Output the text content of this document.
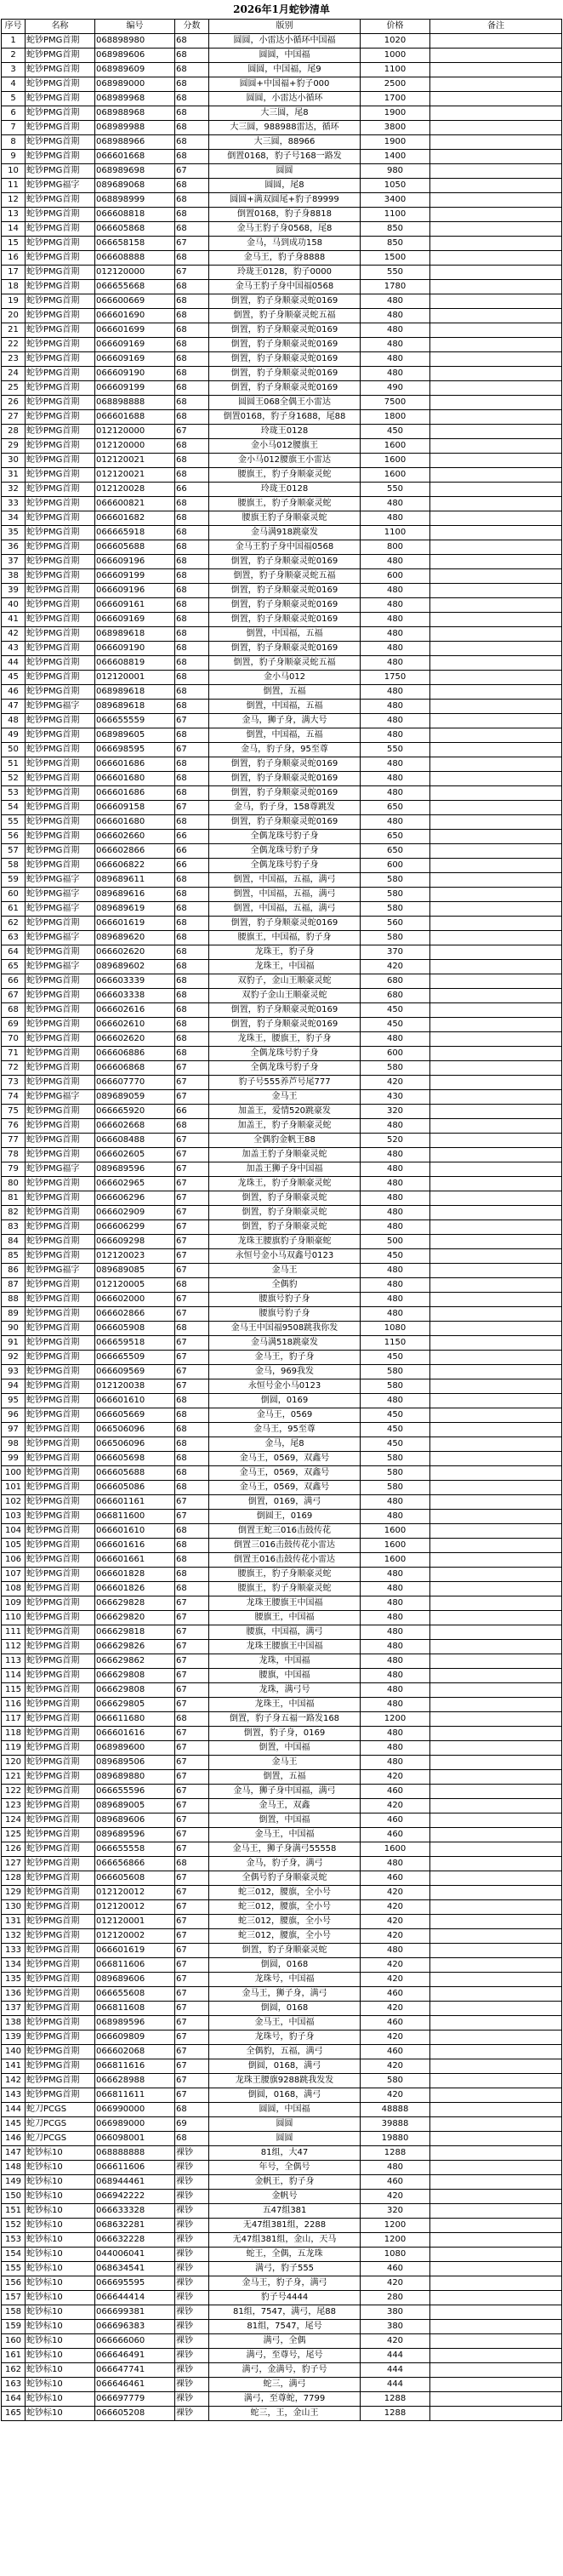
2026年1月蛇钞清单
序号	名称	编号	分数	版别	价格	备注
1	蛇钞PMG首期	068898980	68	圆圆，小雷达小循环中国福	1020	
2	蛇钞PMG首期	068989606	68	圆圆，中国福	1000	
3	蛇钞PMG首期	068989609	68	圆圆，中国福，尾9	1100	
4	蛇钞PMG首期	068989000	68	圆圆+中国福+豹子000	2500	
5	蛇钞PMG首期	068989968	68	圆圆，小雷达小循环	1700	
6	蛇钞PMG首期	068988968	68	大三圆，尾8	1900	
7	蛇钞PMG首期	068989988	68	大三圆，988988雷达，循环	3800	
8	蛇钞PMG首期	068988966	68	大三圆，88966	1900	
9	蛇钞PMG首期	066601668	68	倒置0168，豹子号168一路发	1400	
10	蛇钞PMG首期	068989698	67	圆圆	980	
11	蛇钞PMG福字	089689068	68	圆圆，尾8	1050	
12	蛇钞PMG首期	068898999	68	圆圆+满双圆尾+豹子89999	3400	
13	蛇钞PMG首期	066608818	68	倒置0168，豹子身8818	1100	
14	蛇钞PMG首期	066605868	68	金马王豹子身0568，尾8	850	
15	蛇钞PMG首期	066658158	67	金马，马到成功158	850	
16	蛇钞PMG首期	066608888	68	金马王，豹子身8888	1500	
17	蛇钞PMG首期	012120000	67	玲珑王0128，豹子0000	550	
18	蛇钞PMG首期	066655668	68	金马王豹子身中国福0568	1780	
19	蛇钞PMG首期	066600669	68	倒置，豹子身顺豪灵蛇0169	480	
20	蛇钞PMG首期	066601690	68	倒置，豹子身顺豪灵蛇五福	480	
21	蛇钞PMG首期	066601699	68	倒置，豹子身顺豪灵蛇0169	480	
22	蛇钞PMG首期	066609169	68	倒置，豹子身顺豪灵蛇0169	480	
23	蛇钞PMG首期	066609169	68	倒置，豹子身顺豪灵蛇0169	480	
24	蛇钞PMG首期	066609190	68	倒置，豹子身顺豪灵蛇0169	480	
25	蛇钞PMG首期	066609199	68	倒置，豹子身顺豪灵蛇0169	490	
26	蛇钞PMG首期	068898888	68	圆圆王068全偶王小雷达	7500	
27	蛇钞PMG首期	066601688	68	倒置0168，豹子身1688，尾88	1800	
28	蛇钞PMG首期	012120000	67	玲珑王0128	450	
29	蛇钞PMG首期	012120000	68	金小马012腰旗王	1600	
30	蛇钞PMG首期	012120021	68	金小马012腰旗王小雷达	1600	
31	蛇钞PMG首期	012120021	68	腰旗王，豹子身顺豪灵蛇	1600	
32	蛇钞PMG首期	012120028	66	玲珑王0128	550	
33	蛇钞PMG首期	066600821	68	腰旗王，豹子身顺豪灵蛇	480	
34	蛇钞PMG首期	066601682	68	腰旗王豹子身顺豪灵蛇	480	
35	蛇钞PMG首期	066665918	68	金马满918跳豪发	1100	
36	蛇钞PMG首期	066605688	68	金马王豹子身中国福0568	800	
37	蛇钞PMG首期	066609196	68	倒置，豹子身顺豪灵蛇0169	480	
38	蛇钞PMG首期	066609199	68	倒置，豹子身顺豪灵蛇五福	600	
39	蛇钞PMG首期	066609196	68	倒置，豹子身顺豪灵蛇0169	480	
40	蛇钞PMG首期	066609161	68	倒置，豹子身顺豪灵蛇0169	480	
41	蛇钞PMG首期	066609169	68	倒置，豹子身顺豪灵蛇0169	480	
42	蛇钞PMG首期	068989618	68	倒置，中国福，五福	480	
43	蛇钞PMG首期	066609190	68	倒置，豹子身顺豪灵蛇0169	480	
44	蛇钞PMG首期	066608819	68	倒置，豹子身顺豪灵蛇五福	480	
45	蛇钞PMG首期	012120001	68	金小马012	1750	
46	蛇钞PMG首期	068989618	68	倒置，五福	480	
47	蛇钞PMG福字	089689618	68	倒置，中国福，五福	480	
48	蛇钞PMG首期	066655559	67	金马，狮子身，满大号	480	
49	蛇钞PMG首期	068989605	68	倒置，中国福，五福	480	
50	蛇钞PMG首期	066698595	67	金马，豹子身，95至尊	550	
51	蛇钞PMG首期	066601686	68	倒置，豹子身顺豪灵蛇0169	480	
52	蛇钞PMG首期	066601680	68	倒置，豹子身顺豪灵蛇0169	480	
53	蛇钞PMG首期	066601686	68	倒置，豹子身顺豪灵蛇0169	480	
54	蛇钞PMG首期	066609158	67	金马，豹子身，158尊跳发	650	
55	蛇钞PMG首期	066601680	68	倒置，豹子身顺豪灵蛇0169	480	
56	蛇钞PMG首期	066602660	66	全偶龙珠号豹子身	650	
57	蛇钞PMG首期	066602866	66	全偶龙珠号豹子身	650	
58	蛇钞PMG首期	066606822	66	全偶龙珠号豹子身	600	
59	蛇钞PMG福字	089689611	68	倒置，中国福，五福，满弓	580	
60	蛇钞PMG福字	089689616	68	倒置，中国福，五福，满弓	580	
61	蛇钞PMG福字	089689619	68	倒置，中国福，五福，满弓	580	
62	蛇钞PMG首期	066601619	68	倒置，豹子身顺豪灵蛇0169	560	
63	蛇钞PMG福字	089689620	68	腰旗王，中国福，豹子身	580	
64	蛇钞PMG首期	066602620	68	龙珠王，豹子身	370	
65	蛇钞PMG福字	089689602	68	龙珠王，中国福	420	
66	蛇钞PMG首期	066603339	68	双豹子，金山王顺豪灵蛇	680	
67	蛇钞PMG首期	066603338	68	双豹子金山王顺豪灵蛇	680	
68	蛇钞PMG首期	066602616	68	倒置，豹子身顺豪灵蛇0169	450	
69	蛇钞PMG首期	066602610	68	倒置，豹子身顺豪灵蛇0169	450	
70	蛇钞PMG首期	066602620	68	龙珠王，腰旗王，豹子身	480	
71	蛇钞PMG首期	066606886	68	全偶龙珠号豹子身	600	
72	蛇钞PMG首期	066606868	67	全偶龙珠号豹子身	580	
73	蛇钞PMG首期	066607770	67	豹子号555养芦号尾777	420	
74	蛇钞PMG福字	089689059	67	金马王	430	
75	蛇钞PMG首期	066665920	66	加盖王，爱情520跳豪发	320	
76	蛇钞PMG首期	066602668	68	加盖王，豹子身顺豪灵蛇	480	
77	蛇钞PMG首期	066608488	67	全偶豹金帆王88	520	
78	蛇钞PMG首期	066602605	67	加盖王豹子身顺豪灵蛇	480	
79	蛇钞PMG福字	089689596	67	加盖王狮子身中国福	480	
80	蛇钞PMG首期	066602965	67	龙珠王，豹子身顺豪灵蛇	480	
81	蛇钞PMG首期	066606296	67	倒置，豹子身顺豪灵蛇	480	
82	蛇钞PMG首期	066602909	67	倒置，豹子身顺豪灵蛇	480	
83	蛇钞PMG首期	066606299	67	倒置，豹子身顺豪灵蛇	480	
84	蛇钞PMG首期	066609298	67	龙珠王腰旗豹子身顺豪蛇	500	
85	蛇钞PMG首期	012120023	67	永恒号金小马双鑫号0123	450	
86	蛇钞PMG福字	089689085	67	金马王	480	
87	蛇钞PMG首期	012120005	68	全偶豹	480	
88	蛇钞PMG首期	066602000	67	腰旗号豹子身	480	
89	蛇钞PMG首期	066602866	67	腰旗号豹子身	480	
90	蛇钞PMG首期	066605908	68	金马王中国福9508跳我你发	1080	
91	蛇钞PMG首期	066659518	67	金马满518跳豪发	1150	
92	蛇钞PMG首期	066665509	67	金马王，豹子身	450	
93	蛇钞PMG首期	066609569	67	金马，969我发	580	
94	蛇钞PMG首期	012120038	67	永恒号金小马0123	580	
95	蛇钞PMG首期	066601610	68	倒圆，0169	480	
96	蛇钞PMG首期	066605669	68	金马王，0569	450	
97	蛇钞PMG首期	066506096	68	金马王，95至尊	450	
98	蛇钞PMG首期	066506096	68	金马，尾8	450	
99	蛇钞PMG首期	066605698	68	金马王，0569，双鑫号	580	
100	蛇钞PMG首期	066605688	68	金马王，0569，双鑫号	580	
101	蛇钞PMG首期	066605086	68	金马王，0569，双鑫号	580	
102	蛇钞PMG首期	066601161	67	倒置，0169，满弓	480	
103	蛇钞PMG首期	066811600	67	倒圆王，0169	480	
104	蛇钞PMG首期	066601610	68	倒置王蛇三016击鼓传花	1600	
105	蛇钞PMG首期	066601616	68	倒置三016击鼓传花小雷达	1600	
106	蛇钞PMG首期	066601661	68	倒置王016击鼓传花小雷达	1600	
107	蛇钞PMG首期	066601828	68	腰旗王，豹子身顺豪灵蛇	480	
108	蛇钞PMG首期	066601826	68	腰旗王，豹子身顺豪灵蛇	480	
109	蛇钞PMG首期	066629828	67	龙珠王腰旗王中国福	480	
110	蛇钞PMG首期	066629820	67	腰旗王，中国福	480	
111	蛇钞PMG首期	066629818	67	腰旗，中国福，满弓	480	
112	蛇钞PMG首期	066629826	67	龙珠王腰旗王中国福	480	
113	蛇钞PMG首期	066629862	67	龙珠，中国福	480	
114	蛇钞PMG首期	066629808	67	腰旗，中国福	480	
115	蛇钞PMG首期	066629808	67	龙珠，满弓号	480	
116	蛇钞PMG首期	066629805	67	龙珠王，中国福	480	
117	蛇钞PMG首期	066611680	68	倒置，豹子身五福一路发168	1200	
118	蛇钞PMG首期	066601616	67	倒置，豹子身，0169	480	
119	蛇钞PMG首期	068989600	67	倒置，中国福	480	
120	蛇钞PMG首期	089689506	67	金马王	480	
121	蛇钞PMG首期	089689880	67	倒置，五福	420	
122	蛇钞PMG首期	066655596	67	金马，狮子身中国福，满弓	460	
123	蛇钞PMG首期	089689005	67	金马王，双鑫	420	
124	蛇钞PMG首期	089689606	67	倒置，中国福	460	
125	蛇钞PMG首期	089689596	67	金马王，中国福	460	
126	蛇钞PMG首期	066655558	67	金马王，狮子身满弓55558	1600	
127	蛇钞PMG首期	066656866	68	金马，豹子身，满弓	480	
128	蛇钞PMG首期	066605608	67	全偶号豹子身顺豪灵蛇	460	
129	蛇钞PMG首期	012120012	67	蛇三012，腰旗，全小号	420	
130	蛇钞PMG首期	012120012	67	蛇三012，腰旗，全小号	420	
131	蛇钞PMG首期	012120001	67	蛇三012，腰旗，全小号	420	
132	蛇钞PMG首期	012120002	67	蛇三012，腰旗，全小号	420	
133	蛇钞PMG首期	066601619	67	倒置，豹子身顺豪灵蛇	480	
134	蛇钞PMG首期	066811606	67	倒圆，0168	420	
135	蛇钞PMG首期	089689606	67	龙珠号，中国福	420	
136	蛇钞PMG首期	066655608	67	金马王，狮子身，满弓	460	
137	蛇钞PMG首期	066811608	67	倒圆，0168	420	
138	蛇钞PMG首期	068989596	67	金马王，中国福	460	
139	蛇钞PMG首期	066609809	67	龙珠号，豹子身	420	
140	蛇钞PMG首期	066602068	67	全偶豹，五福，满弓	460	
141	蛇钞PMG首期	066811616	67	倒圆，0168，满弓	420	
142	蛇钞PMG首期	066628988	67	龙珠王腰旗9288跳我发发	580	
143	蛇钞PMG首期	066811611	67	倒圆，0168，满弓	420	
144	蛇刀PCGS	066990000	68	圆圆，中国福	48888	
145	蛇刀PCGS	066989000	69	圆圆	39888	
146	蛇刀PCGS	066098001	68	圆圆	19880	
147	蛇钞标10	068888888	裸钞	81组，大47	1288	
148	蛇钞标10	066611606	裸钞	年号，全偶号	480	
149	蛇钞标10	068944461	裸钞	金帆王，豹子身	460	
150	蛇钞标10	066942222	裸钞	金帆号	420	
151	蛇钞标10	066633328	裸钞	五47组381	320	
152	蛇钞标10	068632281	裸钞	无47组381组，2288	1200	
153	蛇钞标10	066632228	裸钞	无47组381组，金山，天马	1200	
154	蛇钞标10	044006041	裸钞	蛇王，全偶，五龙珠	1080	
155	蛇钞标10	068634541	裸钞	满弓，豹子555	460	
156	蛇钞标10	066695595	裸钞	金马王，豹子身，满弓	420	
157	蛇钞标10	066644414	裸钞	豹子号4444	280	
158	蛇钞标10	066699381	裸钞	81组，7547，满弓，尾88	380	
159	蛇钞标10	066696383	裸钞	81组，7547，尾号	380	
160	蛇钞标10	066666060	裸钞	满弓，全偶	420	
161	蛇钞标10	066646491	裸钞	满弓，至尊号，尾号	444	
162	蛇钞标10	066647741	裸钞	满弓，金满号，豹子号	444	
163	蛇钞标10	066646461	裸钞	蛇三，满弓	444	
164	蛇钞标10	066697779	裸钞	满弓，至尊蛇，7799	1288	
165	蛇钞标10	066605208	裸钞	蛇三，王，金山王	1288	
